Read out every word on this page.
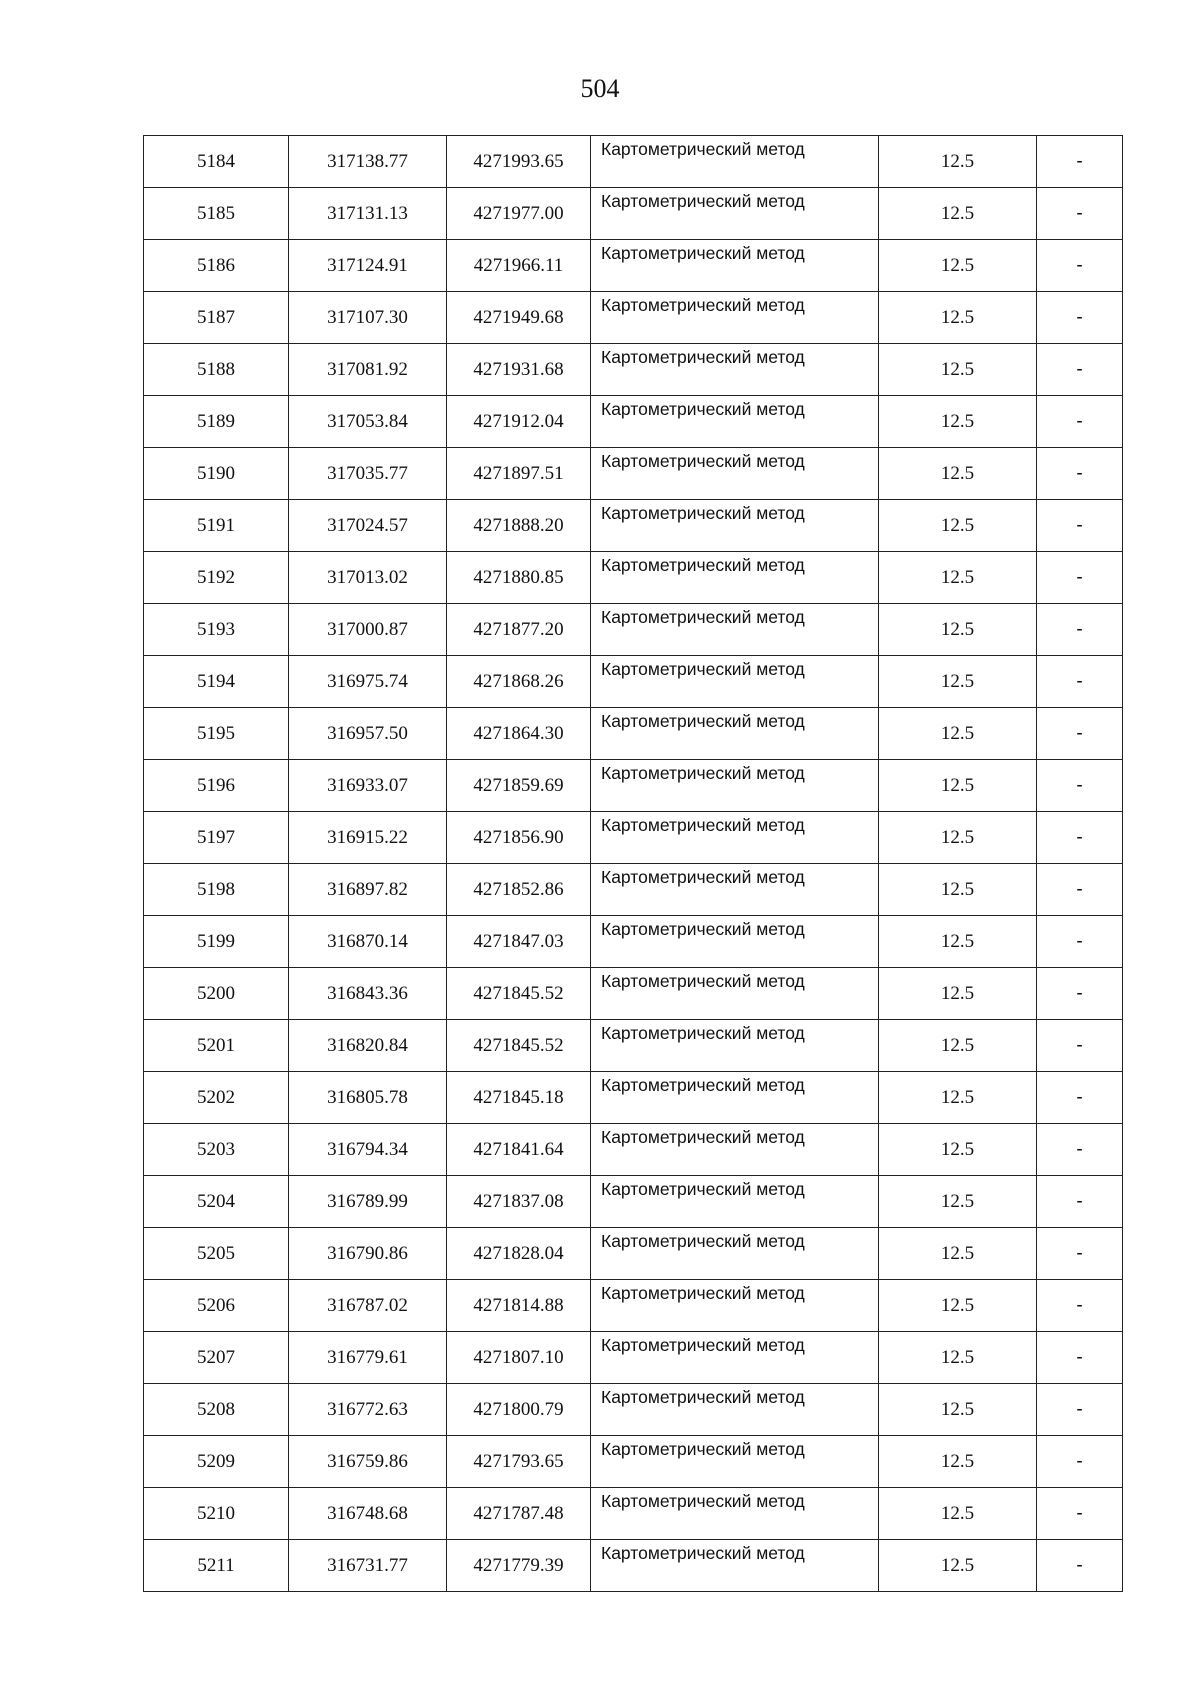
504
5184	317138.77	4271993.65	Картометрический метод	12.5	-
5185	317131.13	4271977.00	Картометрический метод	12.5	-
5186	317124.91	4271966.11	Картометрический метод	12.5	-
5187	317107.30	4271949.68	Картометрический метод	12.5	-
5188	317081.92	4271931.68	Картометрический метод	12.5	-
5189	317053.84	4271912.04	Картометрический метод	12.5	-
5190	317035.77	4271897.51	Картометрический метод	12.5	-
5191	317024.57	4271888.20	Картометрический метод	12.5	-
5192	317013.02	4271880.85	Картометрический метод	12.5	-
5193	317000.87	4271877.20	Картометрический метод	12.5	-
5194	316975.74	4271868.26	Картометрический метод	12.5	-
5195	316957.50	4271864.30	Картометрический метод	12.5	-
5196	316933.07	4271859.69	Картометрический метод	12.5	-
5197	316915.22	4271856.90	Картометрический метод	12.5	-
5198	316897.82	4271852.86	Картометрический метод	12.5	-
5199	316870.14	4271847.03	Картометрический метод	12.5	-
5200	316843.36	4271845.52	Картометрический метод	12.5	-
5201	316820.84	4271845.52	Картометрический метод	12.5	-
5202	316805.78	4271845.18	Картометрический метод	12.5	-
5203	316794.34	4271841.64	Картометрический метод	12.5	-
5204	316789.99	4271837.08	Картометрический метод	12.5	-
5205	316790.86	4271828.04	Картометрический метод	12.5	-
5206	316787.02	4271814.88	Картометрический метод	12.5	-
5207	316779.61	4271807.10	Картометрический метод	12.5	-
5208	316772.63	4271800.79	Картометрический метод	12.5	-
5209	316759.86	4271793.65	Картометрический метод	12.5	-
5210	316748.68	4271787.48	Картометрический метод	12.5	-
5211	316731.77	4271779.39	Картометрический метод	12.5	-
